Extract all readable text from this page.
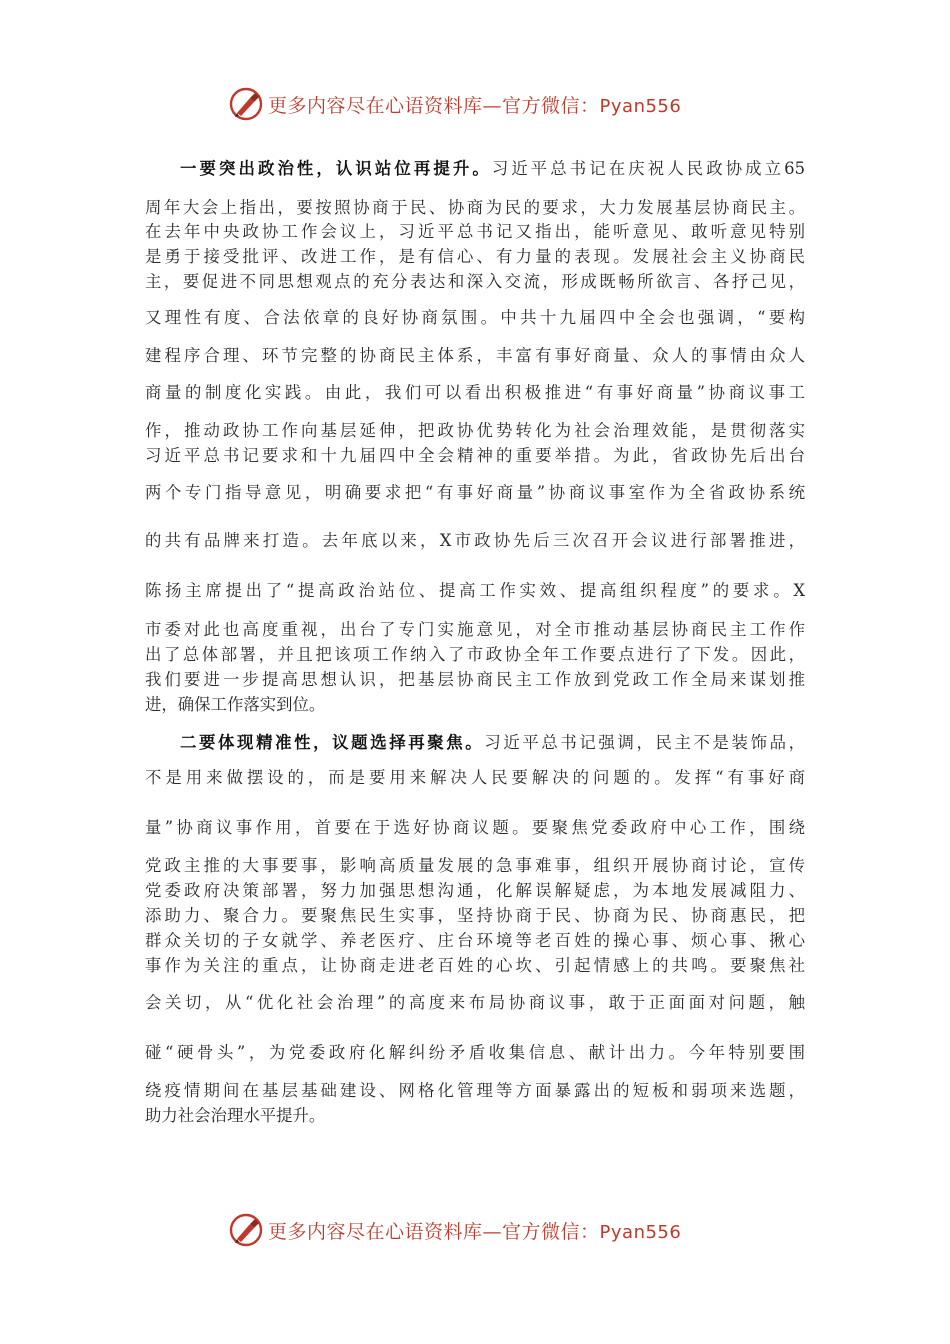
更多内容尽在心语资料库—官方微信：Pyan556
更多内容尽在心语资料库—官方微信：Pyan556
一要突出政治性，认识站位再提升。习近平总书记在庆祝人民政协成立65
周年大会上指出，要按照协商于民、协商为民的要求，大力发展基层协商民主。
在去年中央政协工作会议上，习近平总书记又指出，能听意见、敢听意见特别
是勇于接受批评、改进工作，是有信心、有力量的表现。发展社会主义协商民
主，要促进不同思想观点的充分表达和深入交流，形成既畅所欲言、各抒己见，
又理性有度、合法依章的良好协商氛围。中共十九届四中全会也强调，“要构
建程序合理、环节完整的协商民主体系，丰富有事好商量、众人的事情由众人
商量的制度化实践。由此，我们可以看出积极推进“有事好商量”协商议事工
作，推动政协工作向基层延伸，把政协优势转化为社会治理效能，是贯彻落实
习近平总书记要求和十九届四中全会精神的重要举措。为此，省政协先后出台
两个专门指导意见，明确要求把“有事好商量”协商议事室作为全省政协系统
的共有品牌来打造。去年底以来，X市政协先后三次召开会议进行部署推进，
陈扬主席提出了“提高政治站位、提高工作实效、提高组织程度”的要求。X
市委对此也高度重视，出台了专门实施意见，对全市推动基层协商民主工作作
出了总体部署，并且把该项工作纳入了市政协全年工作要点进行了下发。因此，
我们要进一步提高思想认识，把基层协商民主工作放到党政工作全局来谋划推
进，确保工作落实到位。
二要体现精准性，议题选择再聚焦。习近平总书记强调，民主不是装饰品，
不是用来做摆设的，而是要用来解决人民要解决的问题的。发挥“有事好商
量”协商议事作用，首要在于选好协商议题。要聚焦党委政府中心工作，围绕
党政主推的大事要事，影响高质量发展的急事难事，组织开展协商讨论，宣传
党委政府决策部署，努力加强思想沟通，化解误解疑虑，为本地发展减阻力、
添助力、聚合力。要聚焦民生实事，坚持协商于民、协商为民、协商惠民，把
群众关切的子女就学、养老医疗、庄台环境等老百姓的操心事、烦心事、揪心
事作为关注的重点，让协商走进老百姓的心坎、引起情感上的共鸣。要聚焦社
会关切，从“优化社会治理”的高度来布局协商议事，敢于正面面对问题，触
碰“硬骨头”，为党委政府化解纠纷矛盾收集信息、献计出力。今年特别要围
绕疫情期间在基层基础建设、网格化管理等方面暴露出的短板和弱项来选题，
助力社会治理水平提升。
